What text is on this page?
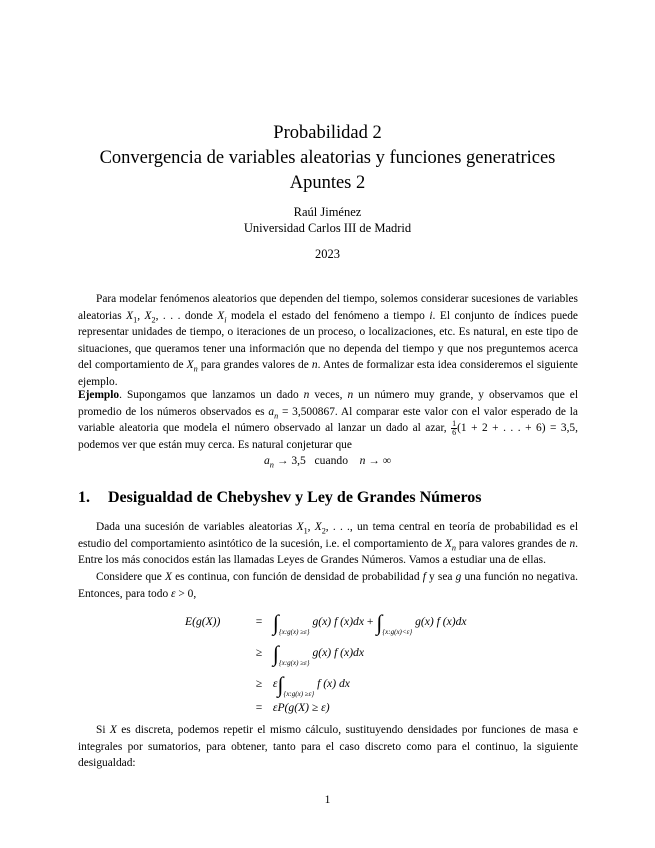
Probabilidad 2
Convergencia de variables aleatorias y funciones generatrices
Apuntes 2
Raúl Jiménez
Universidad Carlos III de Madrid
2023

Para modelar fenómenos aleatorios que dependen del tiempo, solemos considerar sucesiones de variables aleatorias $X_1$, $X_2$, . . . donde $X_i$ modela el estado del fenómeno a tiempo i. El conjunto de índices puede representar unidades de tiempo, o iteraciones de un proceso, o localizaciones, etc. Es natural, en este tipo de situaciones, que queramos tener una información que no dependa del tiempo y que nos preguntemos acerca del comportamiento de $X_n$ para grandes valores de n. Antes de formalizar esta idea consideremos el siguiente ejemplo.

Ejemplo. Supongamos que lanzamos un dado n veces, n un número muy grande, y observamos que el promedio de los números observados es $a_n = 3,500867$. Al comparar este valor con el valor esperado de la variable aleatoria que modela el número observado al lanzar un dado al azar, $\frac{1}{6} (1 + 2$ + . . . + 6) = 3,5, podemos ver que están muy cerca. Es natural conjeturar que

$a_n \to 3,5$ cuando n → ∞
1. Desigualdad de Chebyshev y Ley de Grandes Números

Dada una sucesión de variables aleatorias $X_1$, $X_2$, . . ., un tema central en teoría de probabilidad es el estudio del comportamiento asintótico de la sucesión, i.e. el comportamiento de $X_n$ para valores grandes de n. Entre los más conocidos están las llamadas Leyes de Grandes Números. Vamos a estudiar una de ellas.

Considere que X es continua, con función de densidad de probabilidad f y sea g una función no negativa. Entonces, para todo ε > 0,

E(g(X))	= $\int_{\{x:g(x) \ge\varepsilon\}}$ g(x) f $(x)dx + \int_{\{x:g(x)<\varepsilon\}}$ g(x) f (x)dx
≥ $\int_{\{x:g(x) \ge\varepsilon\}}$ g(x) f (x)dx
≥ $\varepsilon\int_{\{x:g(x) \ge\varepsilon\}}$ f (x) dx
= εP(g(X) ≥ ε)

Si X es discreta, podemos repetir el mismo cálculo, sustituyendo densidades por funciones de masa e integrales por sumatorios, para obtener, tanto para el caso discreto como para el continuo, la siguiente desigualdad:

1
